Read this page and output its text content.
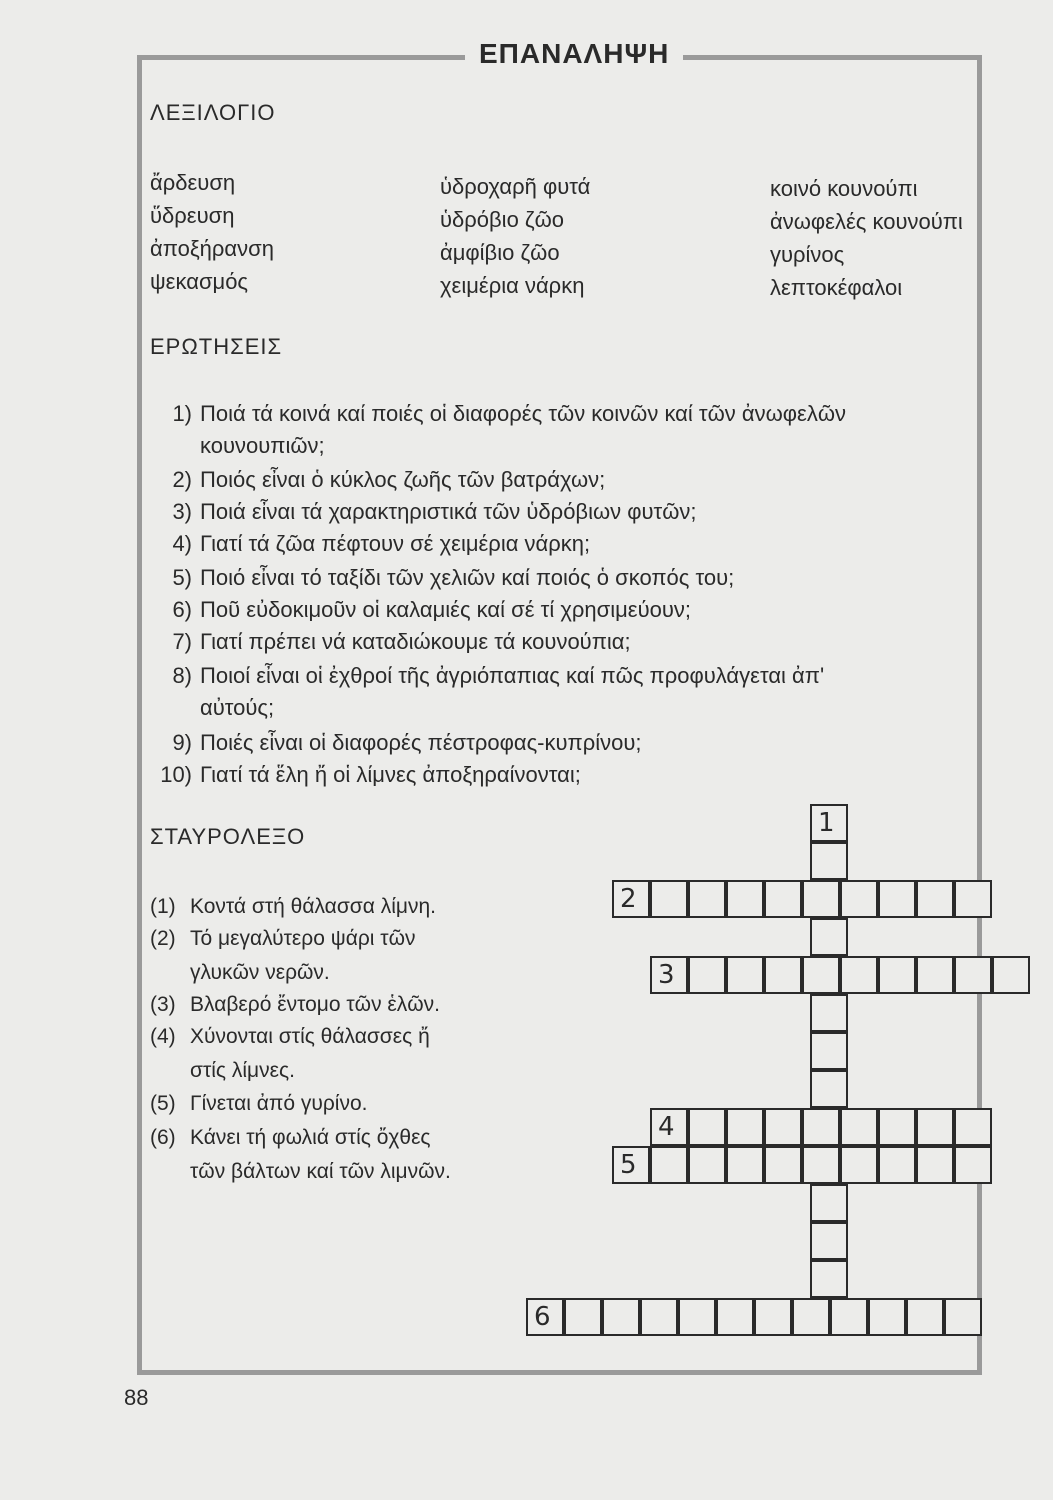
ΕΠΑΝΑΛΗΨΗ
ΛΕΞΙΛΟΓΙΟ
ἄρδευση
ὕδρευση
ἀποξήρανση
ψεκασμός
ὑδροχαρῆ φυτά
ὑδρόβιο ζῶο
ἀμφίβιο ζῶο
χειμέρια νάρκη
κοινό κουνούπι
ἀνωφελές κουνούπι
γυρίνος
λεπτοκέφαλοι
ΕΡΩΤΗΣΕΙΣ
1) Ποιά τά κοινά καί ποιές οἱ διαφορές τῶν κοινῶν καί τῶν ἀνωφελῶν
κουνουπιῶν;
2) Ποιός εἶναι ὁ κύκλος ζωῆς τῶν βατράχων;
3) Ποιά εἶναι τά χαρακτηριστικά τῶν ὑδρόβιων φυτῶν;
4) Γιατί τά ζῶα πέφτουν σέ χειμέρια νάρκη;
5) Ποιό εἶναι τό ταξίδι τῶν χελιῶν καί ποιός ὁ σκοπός του;
6) Ποῦ εὐδοκιμοῦν οἱ καλαμιές καί σέ τί χρησιμεύουν;
7) Γιατί πρέπει νά καταδιώκουμε τά κουνούπια;
8) Ποιοί εἶναι οἱ ἐχθροί τῆς ἀγριόπαπιας καί πῶς προφυλάγεται ἀπ'
αὐτούς;
9) Ποιές εἶναι οἱ διαφορές πέστροφας-κυπρίνου;
10) Γιατί τά ἕλη ἤ οἱ λίμνες ἀποξηραίνονται;
ΣΤΑΥΡΟΛΕΞΟ
(1) Κοντά στή θάλασσα λίμνη.
(2) Τό μεγαλύτερο ψάρι τῶν
γλυκῶν νερῶν.
(3) Βλαβερό ἔντομο τῶν ἑλῶν.
(4) Χύνονται στίς θάλασσες ἤ
στίς λίμνες.
(5) Γίνεται ἀπό γυρίνο.
(6) Κάνει τή φωλιά στίς ὄχθες
τῶν βάλτων καί τῶν λιμνῶν.
1
2
3
4
5
6
88
